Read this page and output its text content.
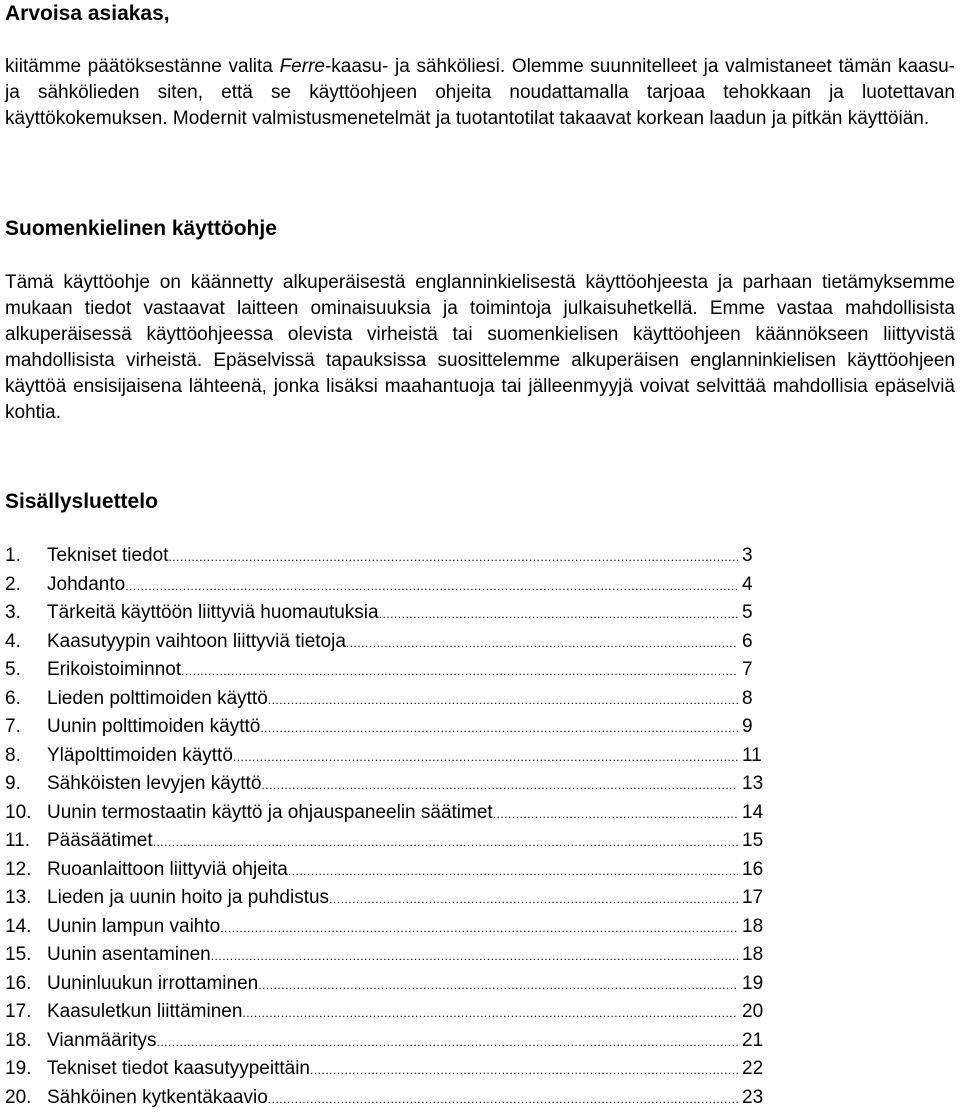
Arvoisa asiakas,

kiitämme päätöksestänne valita Ferre-kaasu- ja sähköliesi. Olemme suunnitelleet ja valmistaneet tämän kaasu- ja sähkölieden siten, että se käyttöohjeen ohjeita noudattamalla tarjoaa tehokkaan ja luotettavan käyttökokemuksen. Modernit valmistusmenetelmät ja tuotantotilat takaavat korkean laadun ja pitkän käyttöiän.

Suomenkielinen käyttöohje

Tämä käyttöohje on käännetty alkuperäisestä englanninkielisestä käyttöohjeesta ja parhaan tietämyksemme mukaan tiedot vastaavat laitteen ominaisuuksia ja toimintoja julkaisuhetkellä. Emme vastaa mahdollisista alkuperäisessä käyttöohjeessa olevista virheistä tai suomenkielisen käyttöohjeen käännökseen liittyvistä mahdollisista virheistä. Epäselvissä tapauksissa suosittelemme alkuperäisen englanninkielisen käyttöohjeen käyttöä ensisijaisena lähteenä, jonka lisäksi maahantuoja tai jälleenmyyjä voivat selvittää mahdollisia epäselviä kohtia.

Sisällysluettelo

1.	Tekniset tiedot .....	3
2.	Johdanto .....	4
3.	Tärkeitä käyttöön liittyviä huomautuksia .....	5
4.	Kaasutyypin vaihtoon liittyviä tietoja .....	6
5.	Erikoistoiminnot .....	7
6.	Lieden polttimoiden käyttö .....	8
7.	Uunin polttimoiden käyttö .....	9
8.	Yläpolttimoiden käyttö .....	11
9.	Sähköisten levyjen käyttö .....	13
10. Uunin termostaatin käyttö ja ohjauspaneelin säätimet .....	14
11. Pääsäätimet .....	15
12. Ruoanlaittoon liittyviä ohjeita .....	16
13. Lieden ja uunin hoito ja puhdistus .....	17
14. Uunin lampun vaihto .....	18
15. Uunin asentaminen .....	18
16. Uuninluukun irrottaminen .....	19
17. Kaasuletkun liittäminen .....	20
18. Vianmääritys .....	21
19. Tekniset tiedot kaasutyypeittäin .....	22
20. Sähköinen kytkentäkaavio .....	23
